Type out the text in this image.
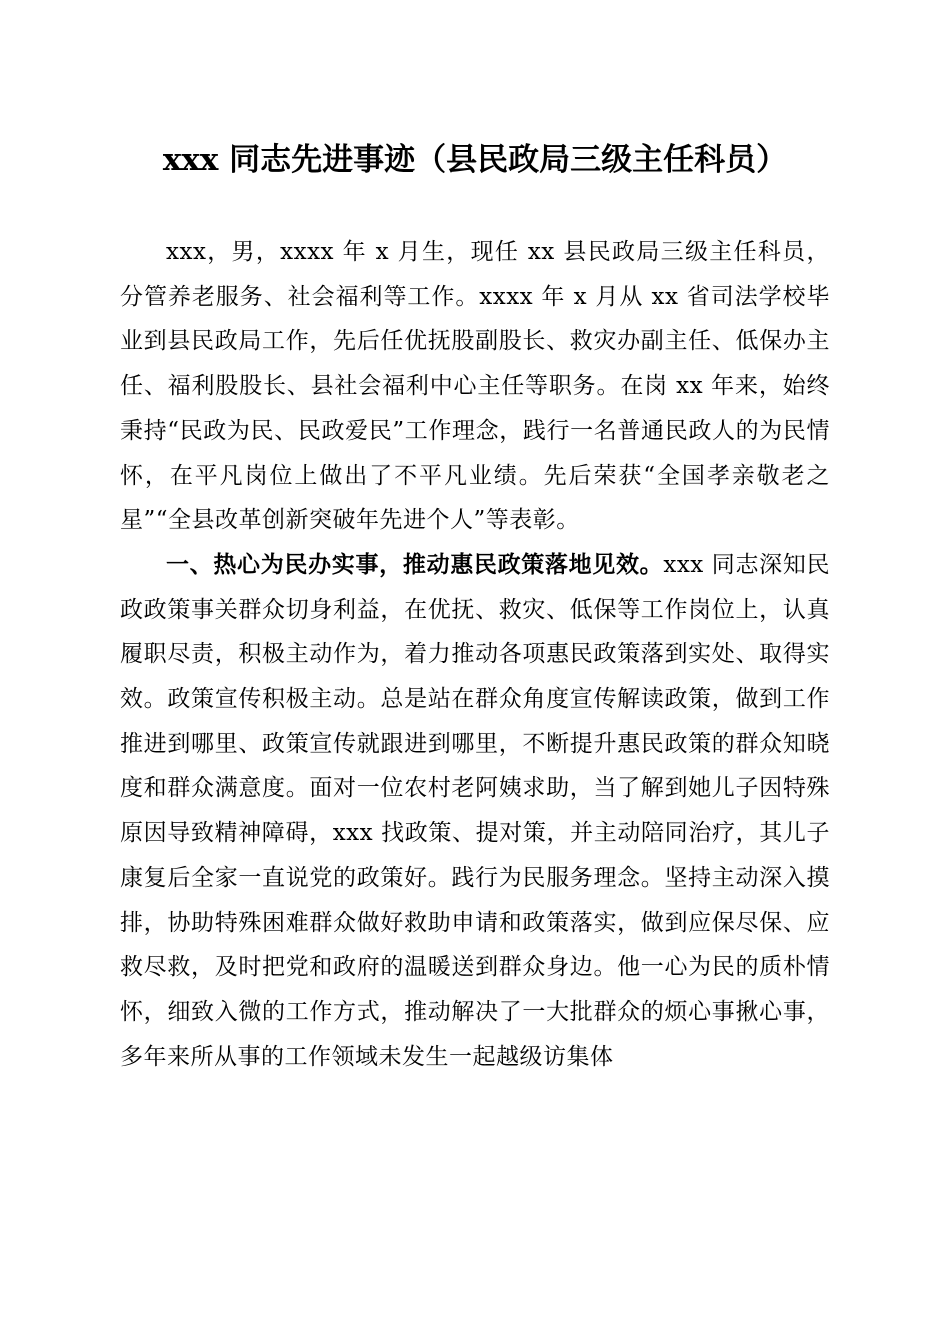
xxx 同志先进事迹（县民政局三级主任科员）

xxx，男，xxxx 年 x 月生，现任 xx 县民政局三级主任科员，分管养老服务、社会福利等工作。xxxx 年 x 月从 xx 省司法学校毕业到县民政局工作，先后任优抚股副股长、救灾办副主任、低保办主任、福利股股长、县社会福利中心主任等职务。在岗 xx 年来，始终秉持“民政为民、民政爱民”工作理念，践行一名普通民政人的为民情怀，在平凡岗位上做出了不平凡业绩。先后荣获“全国孝亲敬老之星”“全县改革创新突破年先进个人”等表彰。

一、热心为民办实事，推动惠民政策落地见效。xxx 同志深知民政政策事关群众切身利益，在优抚、救灾、低保等工作岗位上，认真履职尽责，积极主动作为，着力推动各项惠民政策落到实处、取得实效。政策宣传积极主动。总是站在群众角度宣传解读政策，做到工作推进到哪里、政策宣传就跟进到哪里，不断提升惠民政策的群众知晓度和群众满意度。面对一位农村老阿姨求助，当了解到她儿子因特殊原因导致精神障碍，xxx 找政策、提对策，并主动陪同治疗，其儿子康复后全家一直说党的政策好。践行为民服务理念。坚持主动深入摸排，协助特殊困难群众做好救助申请和政策落实，做到应保尽保、应救尽救，及时把党和政府的温暖送到群众身边。他一心为民的质朴情怀，细致入微的工作方式，推动解决了一大批群众的烦心事揪心事，多年来所从事的工作领域未发生一起越级访集体
